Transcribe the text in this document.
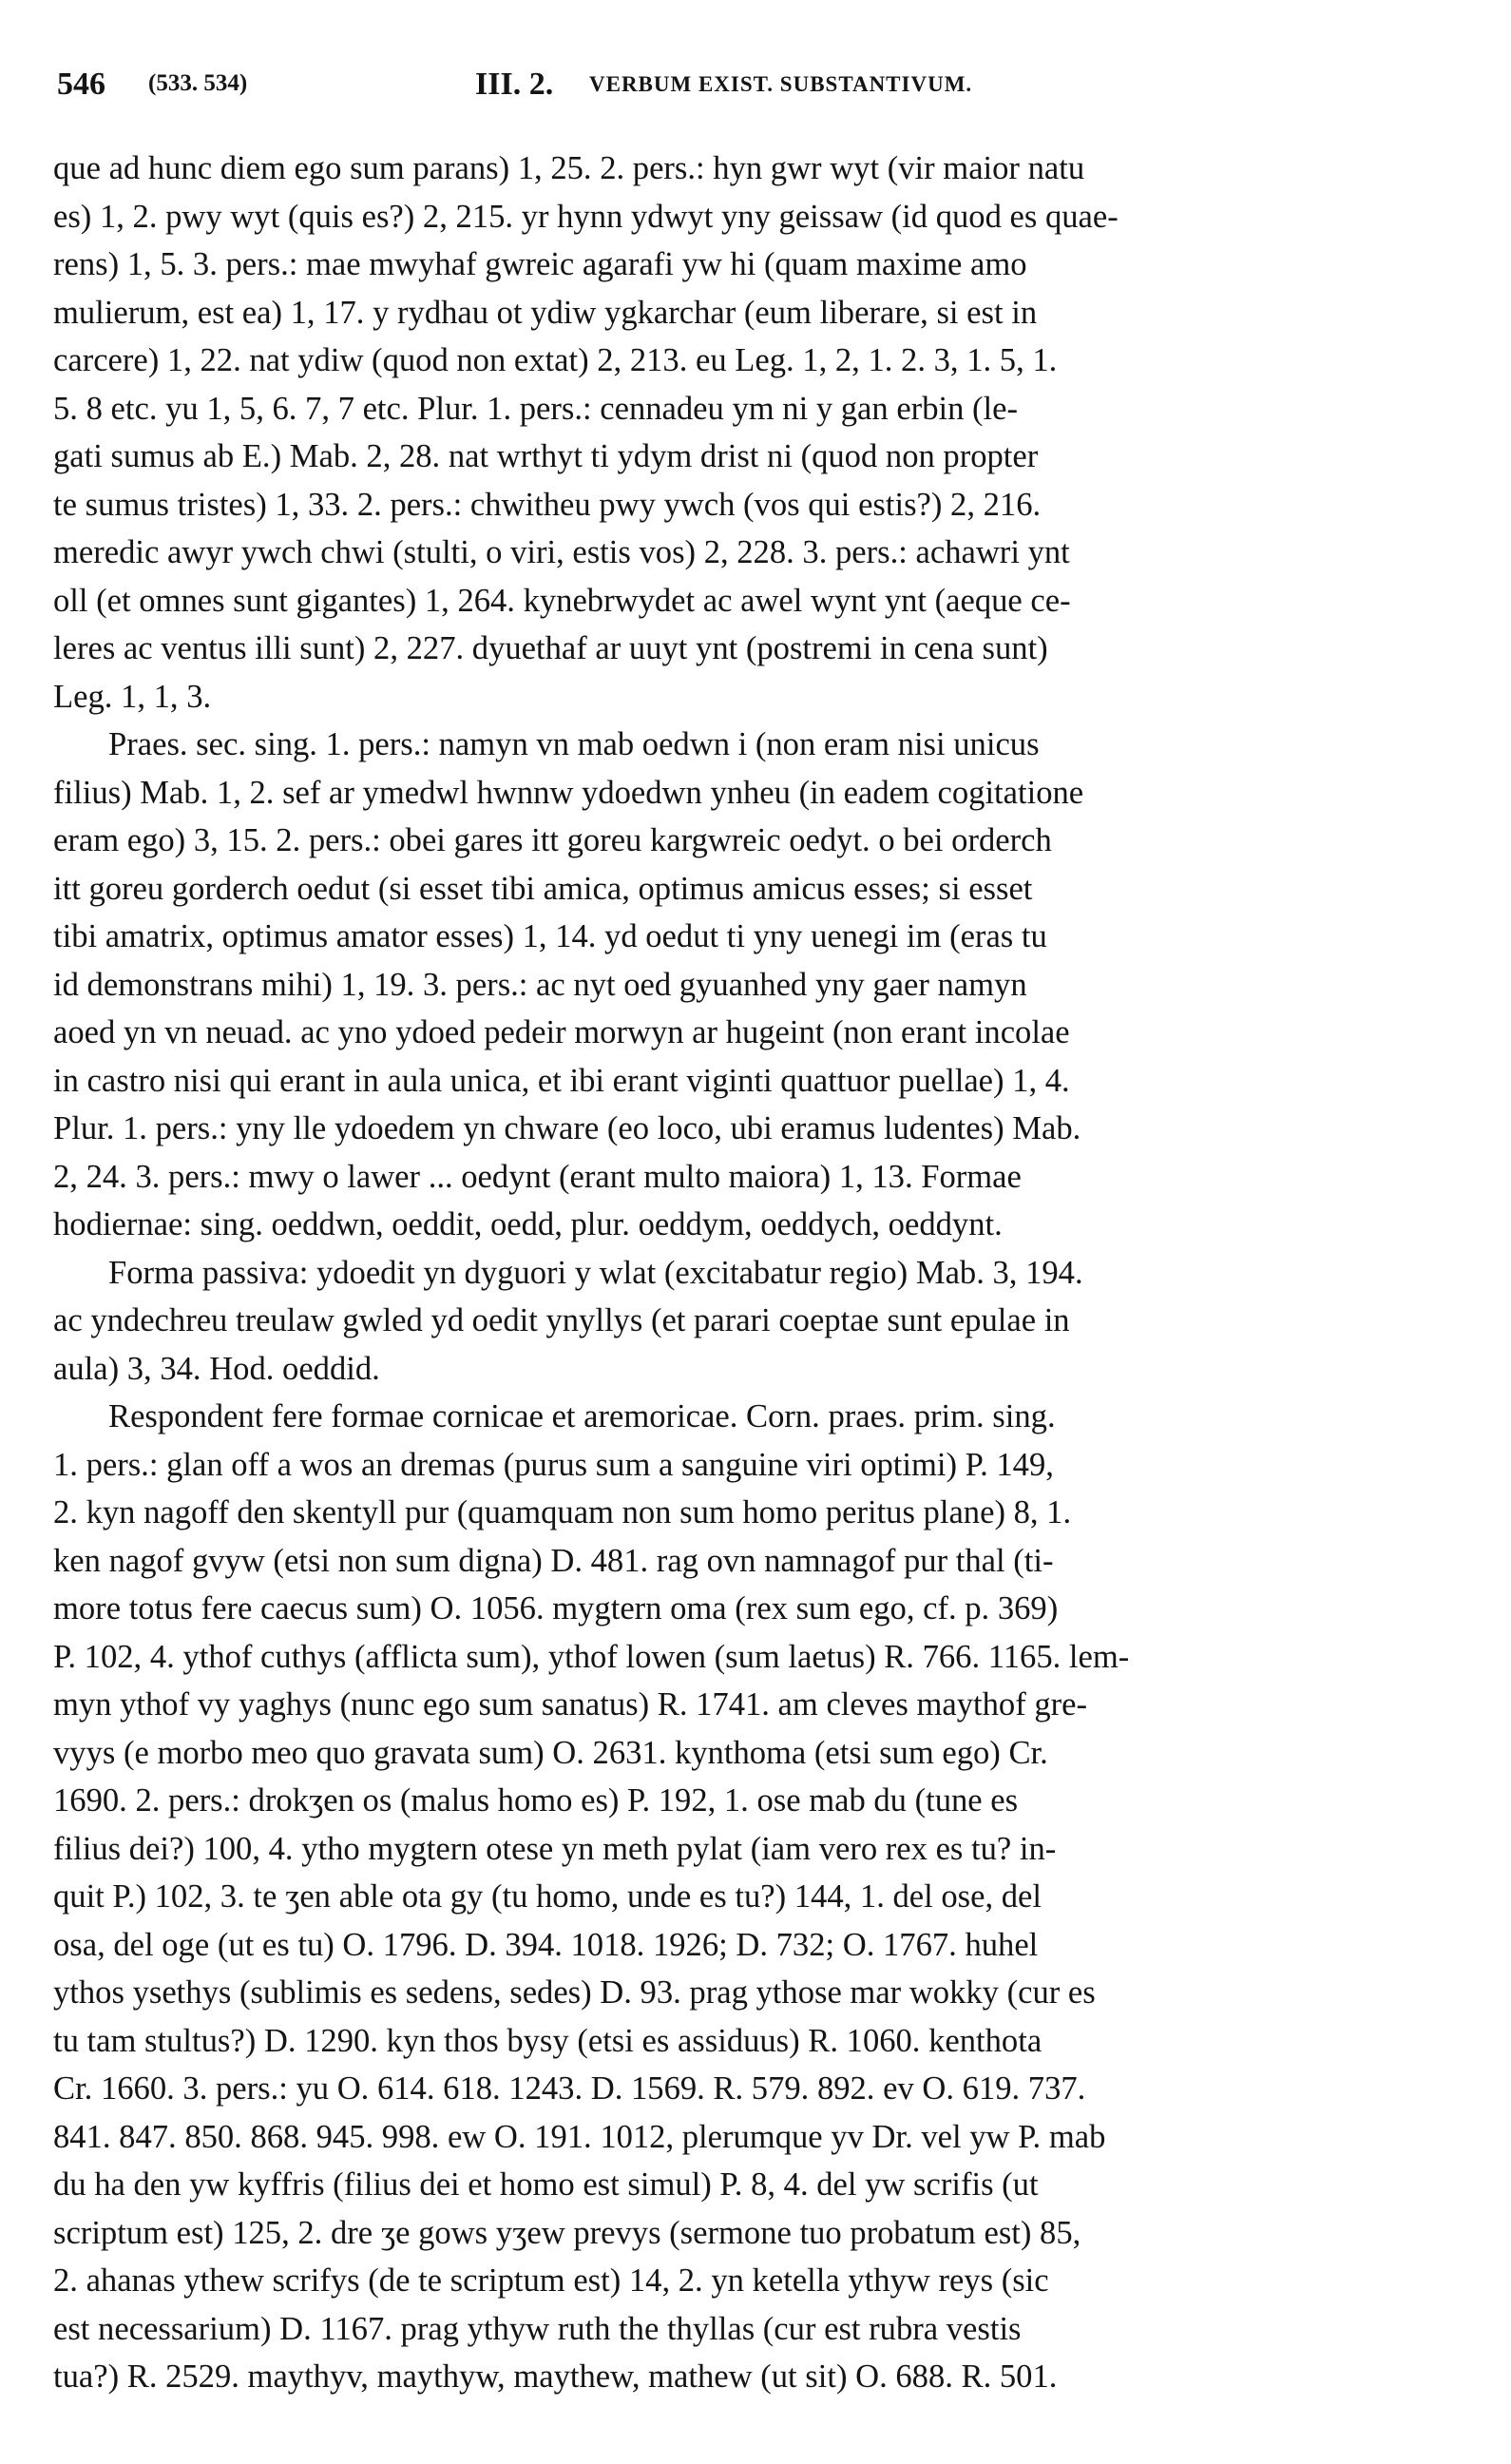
546 (533. 534)	III. 2. VERBUM EXIST. SUBSTANTIVUM.
que ad hunc diem ego sum parans) 1, 25. 2. pers.: hyn gwr wyt (vir maior natu
es) 1, 2. pwy wyt (quis es?) 2, 215. yr hynn ydwyt yny geissaw (id quod es quae-
rens) 1, 5. 3. pers.: mae mwyhaf gwreic agarafi yw hi (quam maxime amo
mulierum, est ea) 1, 17. y rydhau ot ydiw ygkarchar (eum liberare, si est in
carcere) 1, 22. nat ydiw (quod non extat) 2, 213. eu Leg. 1, 2, 1. 2. 3, 1. 5, 1.
5. 8 etc. yu 1, 5, 6. 7, 7 etc. Plur. 1. pers.: cennadeu ym ni y gan erbin (le-
gati sumus ab E.) Mab. 2, 28. nat wrthyt ti ydym drist ni (quod non propter
te sumus tristes) 1, 33. 2. pers.: chwitheu pwy ywch (vos qui estis?) 2, 216.
meredic awyr ywch chwi (stulti, o viri, estis vos) 2, 228. 3. pers.: achawri ynt
oll (et omnes sunt gigantes) 1, 264. kynebrwydet ac awel wynt ynt (aeque ce-
leres ac ventus illi sunt) 2, 227. dyuethaf ar uuyt ynt (postremi in cena sunt)
Leg. 1, 1, 3.
Praes. sec. sing. 1. pers.: namyn vn mab oedwn i (non eram nisi unicus
filius) Mab. 1, 2. sef ar ymedwl hwnnw ydoedwn ynheu (in eadem cogitatione
eram ego) 3, 15. 2. pers.: obei gares itt goreu kargwreic oedyt. o bei orderch
itt goreu gorderch oedut (si esset tibi amica, optimus amicus esses; si esset
tibi amatrix, optimus amator esses) 1, 14. yd oedut ti yny uenegi im (eras tu
id demonstrans mihi) 1, 19. 3. pers.: ac nyt oed gyuanhed yny gaer namyn
aoed yn vn neuad. ac yno ydoed pedeir morwyn ar hugeint (non erant incolae
in castro nisi qui erant in aula unica, et ibi erant viginti quattuor puellae) 1, 4.
Plur. 1. pers.: yny lle ydoedem yn chware (eo loco, ubi eramus ludentes) Mab.
2, 24. 3. pers.: mwy o lawer ... oedynt (erant multo maiora) 1, 13. Formae
hodiernae: sing. oeddwn, oeddit, oedd, plur. oeddym, oeddych, oeddynt.
Forma passiva: ydoedit yn dyguori y wlat (excitabatur regio) Mab. 3, 194.
ac yndechreu treulaw gwled yd oedit ynyllys (et parari coeptae sunt epulae in
aula) 3, 34. Hod. oeddid.
Respondent fere formae cornicae et aremoricae. Corn. praes. prim. sing.
1. pers.: glan off a wos an dremas (purus sum a sanguine viri optimi) P. 149,
2. kyn nagoff den skentyll pur (quamquam non sum homo peritus plane) 8, 1.
ken nagof gvyw (etsi non sum digna) D. 481. rag ovn namnagof pur thal (ti-
more totus fere caecus sum) O. 1056. mygtern oma (rex sum ego, cf. p. 369)
P. 102, 4. ythof cuthys (afflicta sum), ythof lowen (sum laetus) R. 766. 1165. lem-
myn ythof vy yaghys (nunc ego sum sanatus) R. 1741. am cleves maythof gre-
vyys (e morbo meo quo gravata sum) O. 2631. kynthoma (etsi sum ego) Cr.
1690. 2. pers.: drokʒen os (malus homo es) P. 192, 1. ose mab du (tune es
filius dei?) 100, 4. ytho mygtern otese yn meth pylat (iam vero rex es tu? in-
quit P.) 102, 3. te ʒen able ota gy (tu homo, unde es tu?) 144, 1. del ose, del
osa, del oge (ut es tu) O. 1796. D. 394. 1018. 1926; D. 732; O. 1767. huhel
ythos ysethys (sublimis es sedens, sedes) D. 93. prag ythose mar wokky (cur es
tu tam stultus?) D. 1290. kyn thos bysy (etsi es assiduus) R. 1060. kenthota
Cr. 1660. 3. pers.: yu O. 614. 618. 1243. D. 1569. R. 579. 892. ev O. 619. 737.
841. 847. 850. 868. 945. 998. ew O. 191. 1012, plerumque yv Dr. vel yw P. mab
du ha den yw kyffris (filius dei et homo est simul) P. 8, 4. del yw scrifis (ut
scriptum est) 125, 2. dre ʒe gows yʒew prevys (sermone tuo probatum est) 85,
2. ahanas ythew scrifys (de te scriptum est) 14, 2. yn ketella ythyw reys (sic
est necessarium) D. 1167. prag ythyw ruth the thyllas (cur est rubra vestis
tua?) R. 2529. maythyv, maythyw, maythew, mathew (ut sit) O. 688. R. 501.
